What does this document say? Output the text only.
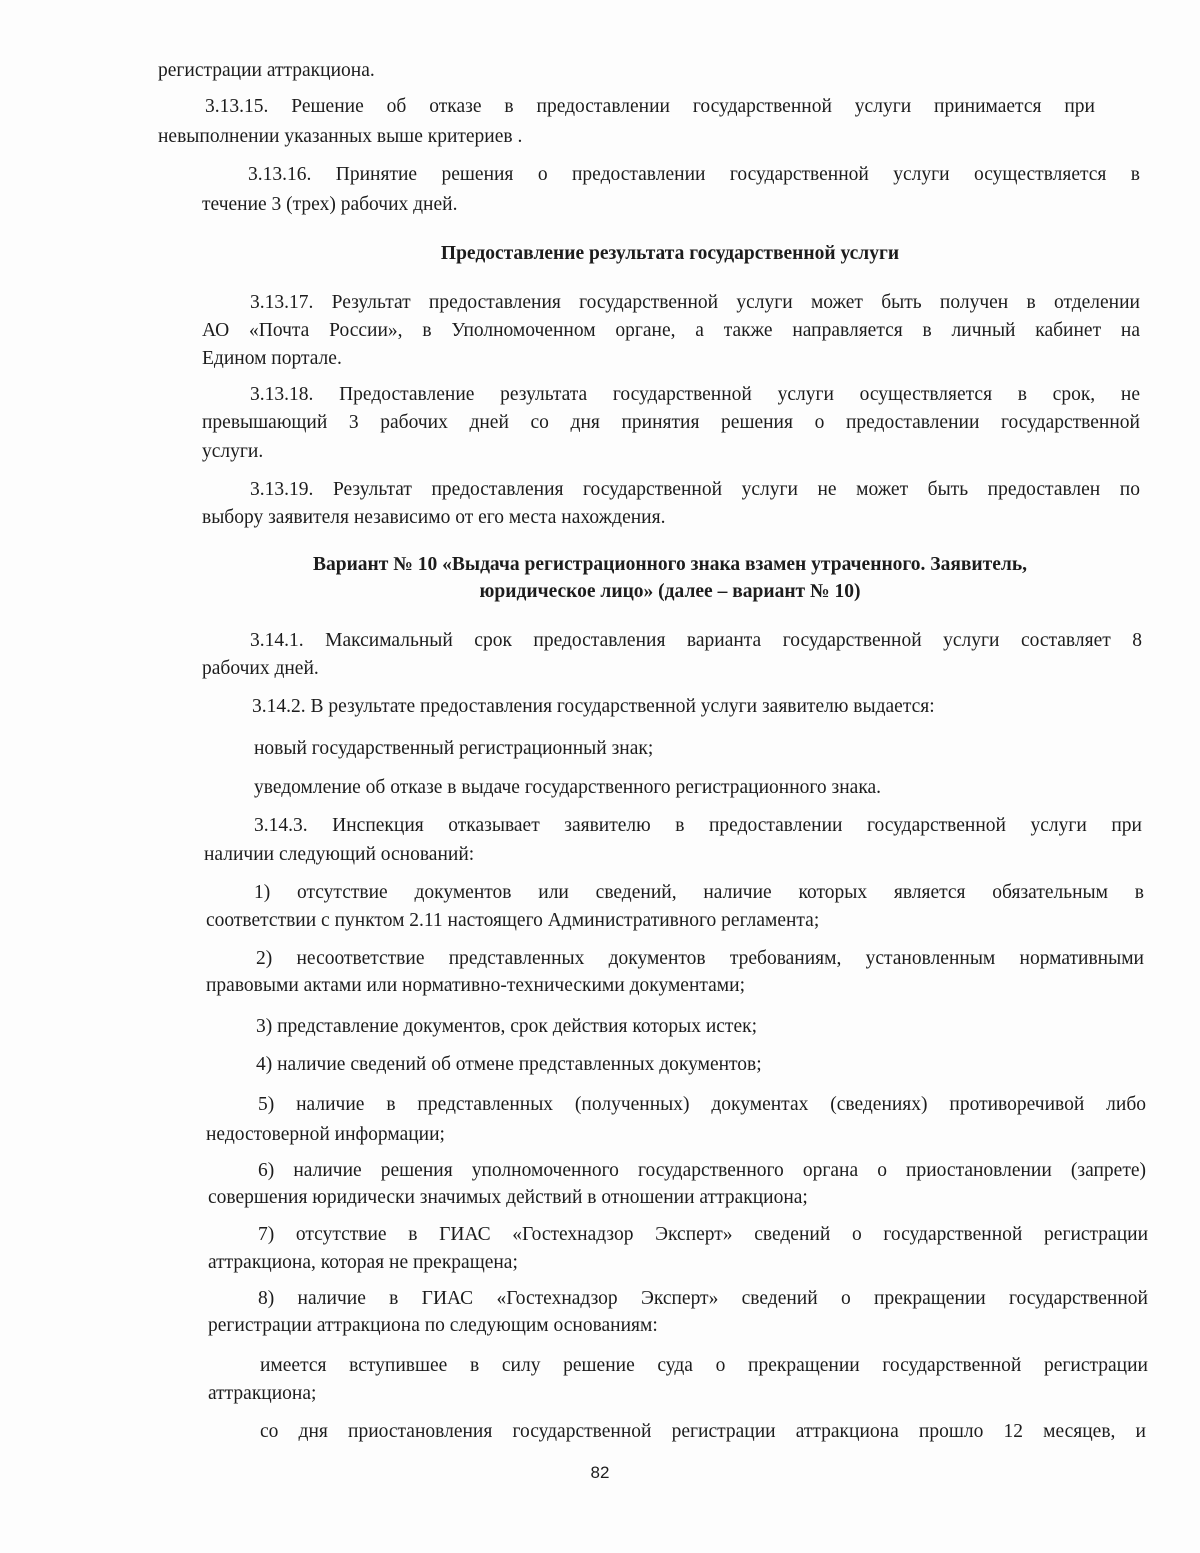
регистрации аттракциона.
3.13.15. Решение об отказе в предоставлении государственной услуги принимается при
невыполнении указанных выше критериев .
3.13.16. Принятие решения о предоставлении государственной услуги осуществляется в
течение 3 (трех) рабочих дней.
Предоставление результата государственной услуги
3.13.17. Результат предоставления государственной услуги может быть получен в отделении
АО «Почта России», в Уполномоченном органе, а также направляется в личный кабинет на
Едином портале.
3.13.18. Предоставление результата государственной услуги осуществляется в срок, не
превышающий 3 рабочих дней со дня принятия решения о предоставлении государственной
услуги.
3.13.19. Результат предоставления государственной услуги не может быть предоставлен по
выбору заявителя независимо от его места нахождения.
Вариант № 10 «Выдача регистрационного знака взамен утраченного. Заявитель,
юридическое лицо» (далее – вариант № 10)
3.14.1. Максимальный срок предоставления варианта государственной услуги составляет 8
рабочих дней.
3.14.2. В результате предоставления государственной услуги заявителю выдается:
новый государственный регистрационный знак;
уведомление об отказе в выдаче государственного регистрационного знака.
3.14.3. Инспекция отказывает заявителю в предоставлении государственной услуги при
наличии следующий оснований:
1) отсутствие документов или сведений, наличие которых является обязательным в
соответствии с пунктом 2.11 настоящего Административного регламента;
2) несоответствие представленных документов требованиям, установленным нормативными
правовыми актами или нормативно-техническими документами;
3) представление документов, срок действия которых истек;
4) наличие сведений об отмене представленных документов;
5) наличие в представленных (полученных) документах (сведениях) противоречивой либо
недостоверной информации;
6) наличие решения уполномоченного государственного органа о приостановлении (запрете)
совершения юридически значимых действий в отношении аттракциона;
7) отсутствие в ГИАС «Гостехнадзор Эксперт» сведений о государственной регистрации
аттракциона, которая не прекращена;
8) наличие в ГИАС «Гостехнадзор Эксперт» сведений о прекращении государственной
регистрации аттракциона по следующим основаниям:
имеется вступившее в силу решение суда о прекращении государственной регистрации
аттракциона;
со дня приостановления государственной регистрации аттракциона прошло 12 месяцев, и
82
